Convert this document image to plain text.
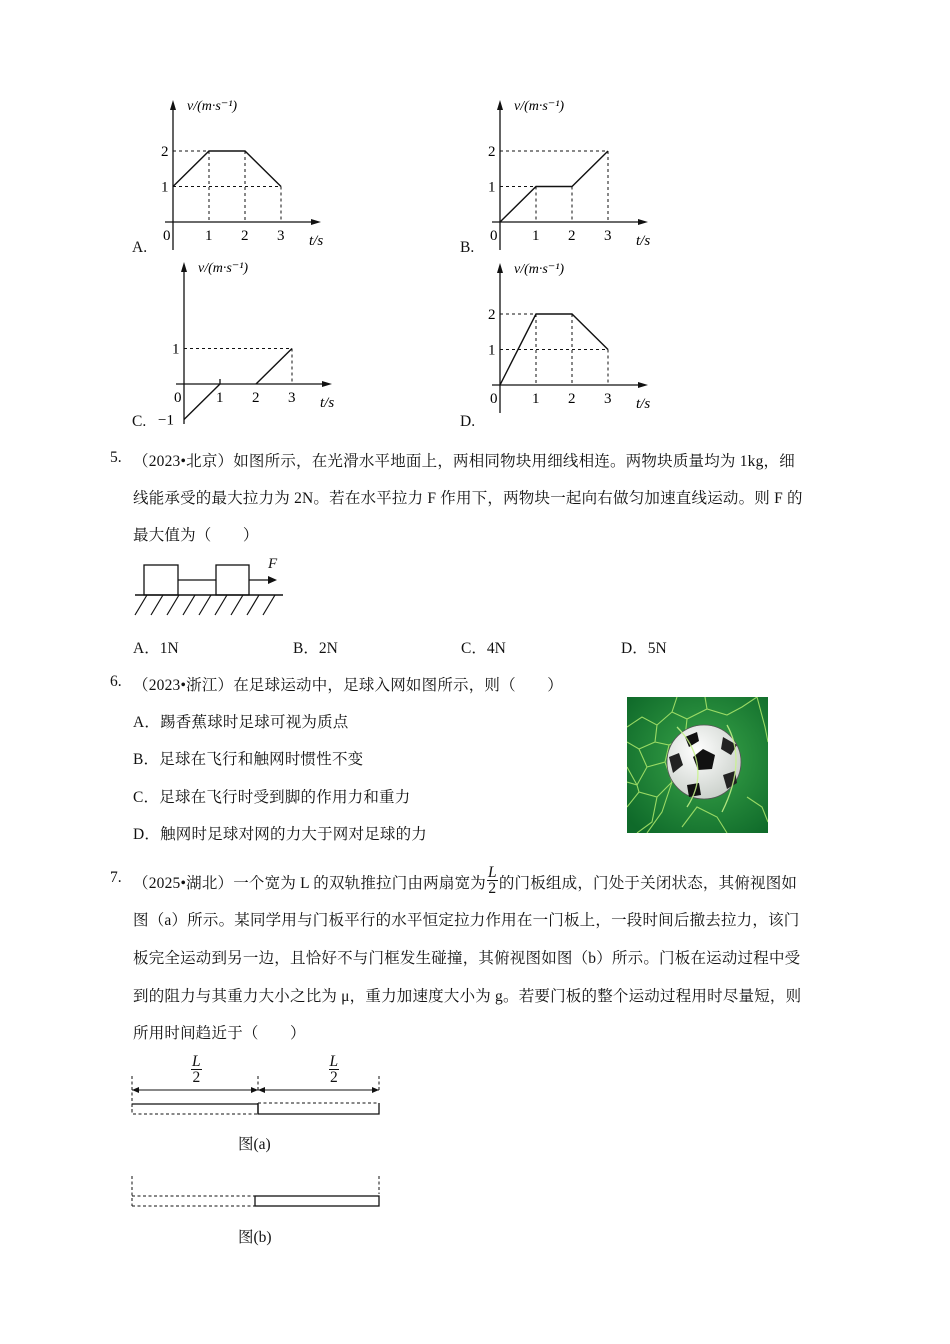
v/(m·s⁻¹)
t/s
0 1 2 3
1
2
v/(m·s⁻¹)
t/s
0 1 2 3
1
2
v/(m·s⁻¹)
t/s
0 1 2 3
1
−1
v/(m·s⁻¹)
t/s
0 1 2 3
1
2
A.	B.
C.	D.
5. （2023•北京）如图所示，在光滑水平地面上，两相同物块用细线相连。两物块质量均为 1kg，细
线能承受的最大拉力为 2N。若在水平拉力 F 作用下，两物块一起向右做匀加速直线运动。则 F 的
最大值为（　　）
F
A．1N	B．2N	C．4N	D．5N
6. （2023•浙江）在足球运动中，足球入网如图所示，则（　　）
A．踢香蕉球时足球可视为质点
B．足球在飞行和触网时惯性不变
C．足球在飞行时受到脚的作用力和重力
D．触网时足球对网的力大于网对足球的力
7. （2025•湖北）一个宽为 L 的双轨推拉门由两扇宽为 $\frac{L}{2}$ 的门板组成，门处于关闭状态，其俯视图如
图（a）所示。某同学用与门板平行的水平恒定拉力作用在一门板上，一段时间后撤去拉力，该门
板完全运动到另一边，且恰好不与门框发生碰撞，其俯视图如图（b）所示。门板在运动过程中受
到的阻力与其重力大小之比为 μ，重力加速度大小为 g。若要门板的整个运动过程用时尽量短，则
所用时间趋近于（　　）
$\frac{L}{2}$
	$\frac{L}{2}$
图(a)
图(b)
